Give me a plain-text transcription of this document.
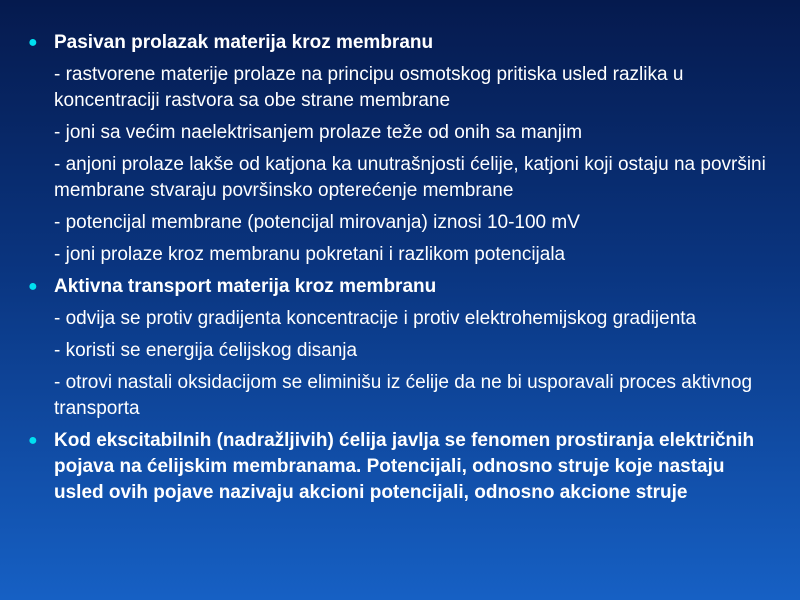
● Pasivan prolazak materija kroz membranu
- rastvorene materije prolaze na principu osmotskog pritiska usled razlika u koncentraciji rastvora sa obe strane membrane
- joni sa većim naelektrisanjem prolaze teže od onih sa manjim
- anjoni prolaze lakše od katjona ka unutrašnjosti ćelije, katjoni koji ostaju na površini membrane stvaraju površinsko opterećenje membrane
- potencijal membrane (potencijal mirovanja) iznosi 10-100 mV
- joni prolaze kroz membranu pokretani i razlikom potencijala
● Aktivna transport materija kroz membranu
- odvija se protiv gradijenta koncentracije i protiv elektrohemijskog gradijenta
- koristi se energija ćelijskog disanja
- otrovi nastali oksidacijom se eliminišu iz ćelije da ne bi usporavali proces aktivnog transporta
● Kod ekscitabilnih (nadražljivih) ćelija javlja se fenomen prostiranja električnih pojava na ćelijskim membranama. Potencijali, odnosno struje koje nastaju usled ovih pojave nazivaju akcioni potencijali, odnosno akcione struje
